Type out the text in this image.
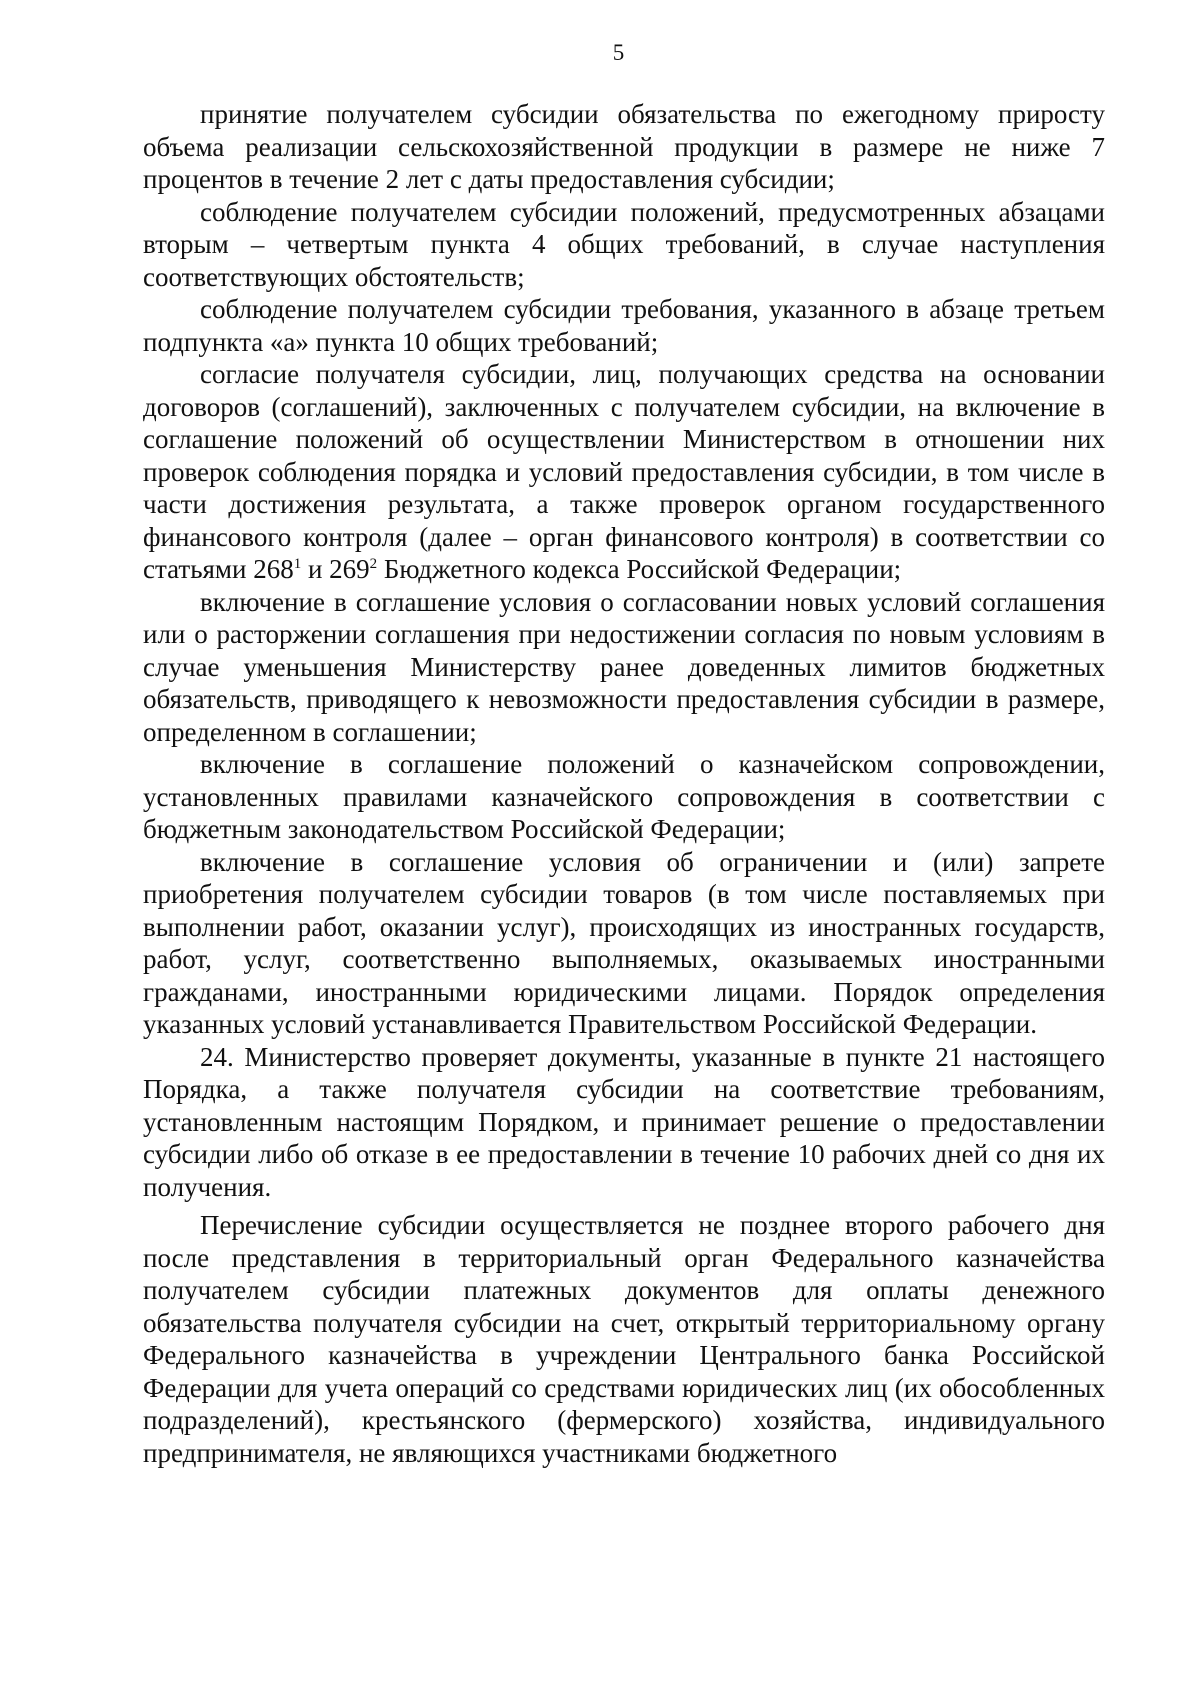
5

принятие получателем субсидии обязательства по ежегодному приросту объема реализации сельскохозяйственной продукции в размере не ниже 7 процентов в течение 2 лет с даты предоставления субсидии;

соблюдение получателем субсидии положений, предусмотренных абзацами вторым – четвертым пункта 4 общих требований, в случае наступления соответствующих обстоятельств;

соблюдение получателем субсидии требования, указанного в абзаце третьем подпункта «а» пункта 10 общих требований;

согласие получателя субсидии, лиц, получающих средства на основании договоров (соглашений), заключенных с получателем субсидии, на включение в соглашение положений об осуществлении Министерством в отношении них проверок соблюдения порядка и условий предоставления субсидии, в том числе в части достижения результата, а также проверок органом государственного финансового контроля (далее – орган финансового контроля) в соответствии со статьями $268^1$ и $269^2$ Бюджетного кодекса Российской Федерации;

включение в соглашение условия о согласовании новых условий соглашения или о расторжении соглашения при недостижении согласия по новым условиям в случае уменьшения Министерству ранее доведенных лимитов бюджетных обязательств, приводящего к невозможности предоставления субсидии в размере, определенном в соглашении;

включение в соглашение положений о казначейском сопровождении, установленных правилами казначейского сопровождения в соответствии с бюджетным законодательством Российской Федерации;

включение в соглашение условия об ограничении и (или) запрете приобретения получателем субсидии товаров (в том числе поставляемых при выполнении работ, оказании услуг), происходящих из иностранных государств, работ, услуг, соответственно выполняемых, оказываемых иностранными гражданами, иностранными юридическими лицами. Порядок определения указанных условий устанавливается Правительством Российской Федерации.

24. Министерство проверяет документы, указанные в пункте 21 настоящего Порядка, а также получателя субсидии на соответствие требованиям, установленным настоящим Порядком, и принимает решение о предоставлении субсидии либо об отказе в ее предоставлении в течение 10 рабочих дней со дня их получения.

Перечисление субсидии осуществляется не позднее второго рабочего дня после представления в территориальный орган Федерального казначейства получателем субсидии платежных документов для оплаты денежного обязательства получателя субсидии на счет, открытый территориальному органу Федерального казначейства в учреждении Центрального банка Российской Федерации для учета операций со средствами юридических лиц (их обособленных подразделений), крестьянского (фермерского) хозяйства, индивидуального предпринимателя, не являющихся участниками бюджетного
